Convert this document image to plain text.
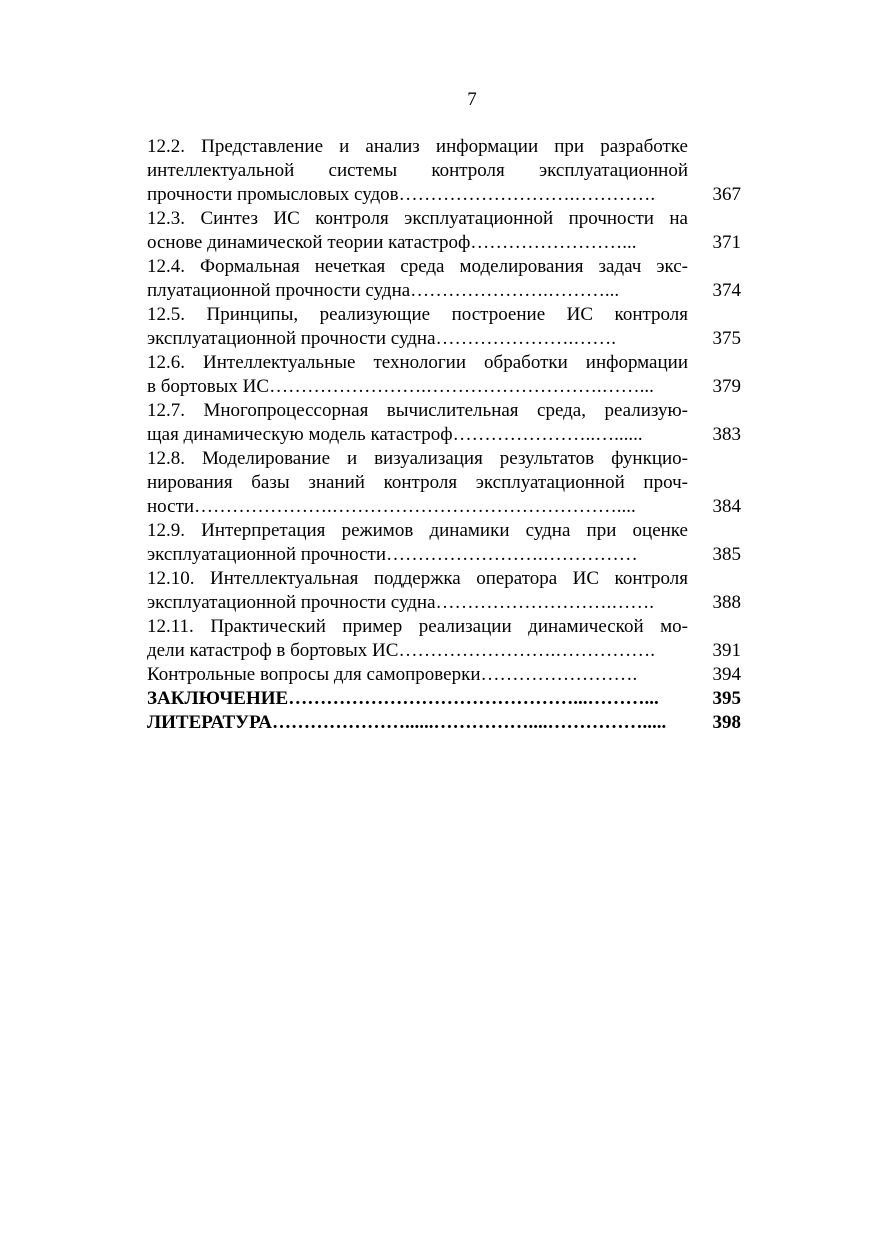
7
12.2. Представление и анализ информации при разработке
интеллектуальной системы контроля эксплуатационной
прочности промысловых судов……………………….………….	367
12.3. Синтез ИС контроля эксплуатационной прочности на
основе динамической теории катастроф……………………...	371
12.4. Формальная нечеткая среда моделирования задач экс-
плуатационной прочности судна………………….………...	374
12.5. Принципы, реализующие построение ИС контроля
эксплуатационной прочности судна………………….…….	375
12.6. Интеллектуальные технологии обработки информации
в бортовых ИС…………………….……………………….……...	379
12.7. Многопроцессорная вычислительная среда, реализую-
щая динамическую модель катастроф…………………..…......	383
12.8. Моделирование и визуализация результатов функцио-
нирования базы знаний контроля эксплуатационной проч-
ности………………….………………………………………....	384
12.9. Интерпретация режимов динамики судна при оценке
эксплуатационной прочности…………………….……………	385
12.10. Интеллектуальная поддержка оператора ИС контроля
эксплуатационной прочности судна……………………….…….	388
12.11. Практический пример реализации динамической мо-
дели катастроф в бортовых ИС…………………….…………….	391
Контрольные вопросы для самопроверки…………………….	394
ЗАКЛЮЧЕНИЕ………………………………………...………...	395
ЛИТЕРАТУРА…………………......……………....…………….....	398
